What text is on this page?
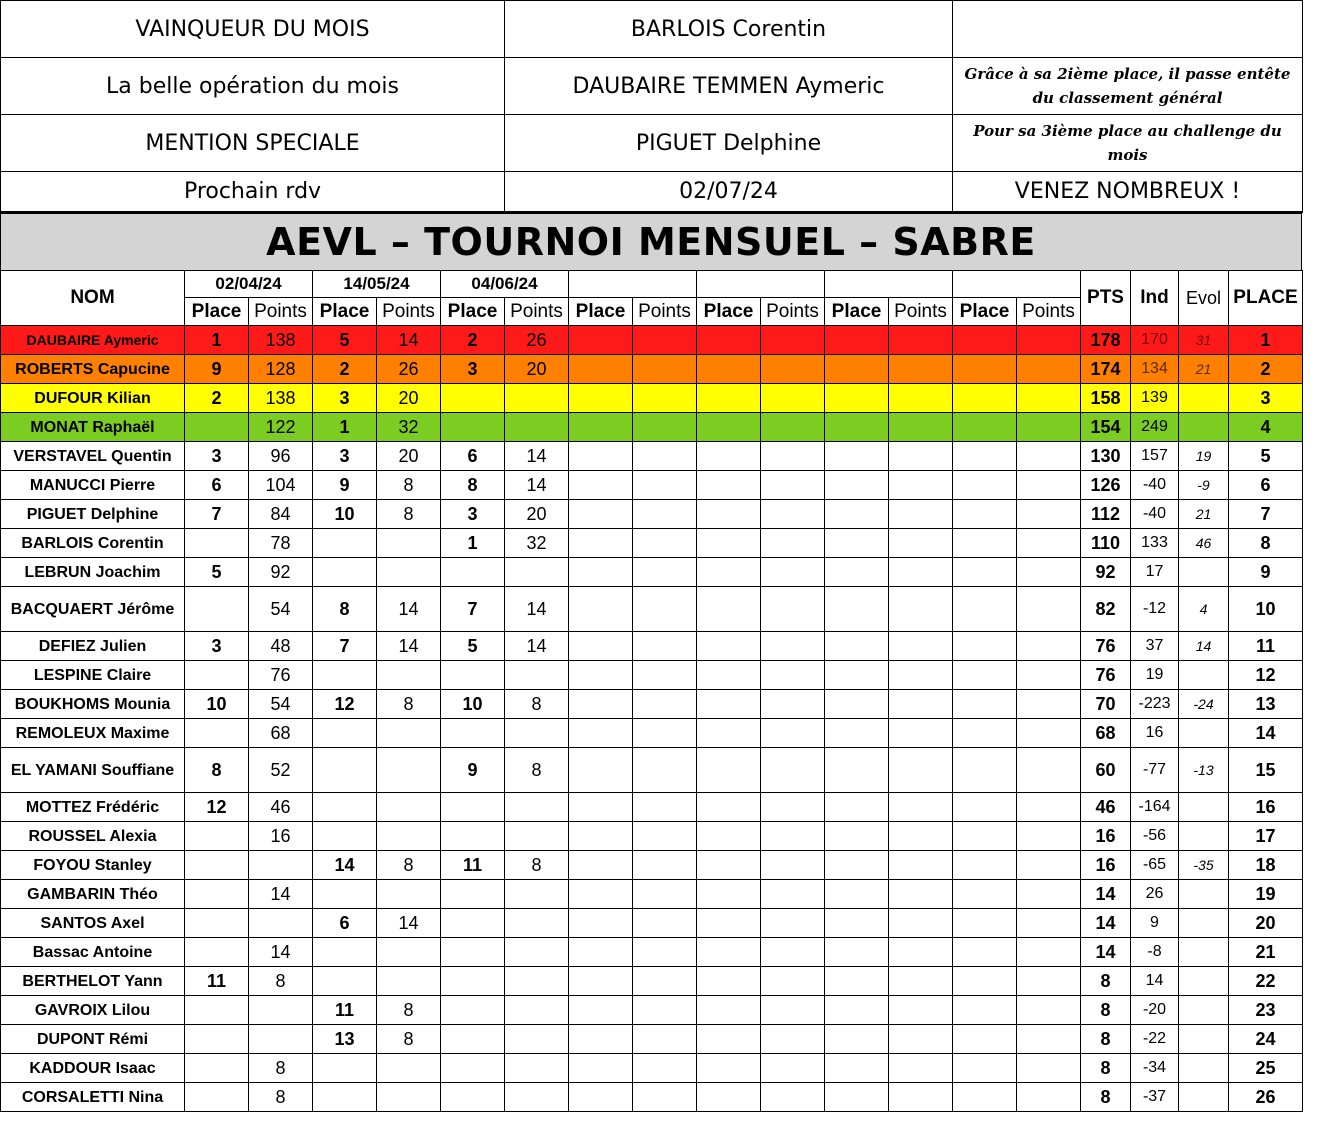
VAINQUEUR DU MOIS	BARLOIS Corentin	
La belle opération du mois	DAUBAIRE TEMMEN Aymeric	Grâce à sa 2ième place, il passe entête du classement général
MENTION SPECIALE	PIGUET Delphine	Pour sa 3ième place au challenge du mois
Prochain rdv	02/07/24	VENEZ NOMBREUX !
AEVL – TOURNOI MENSUEL – SABRE
NOM	02/04/24		14/05/24		04/06/24										PTS	Ind	Evol	PLACE
	Place	Points	Place	Points	Place	Points	Place	Points	Place	Points	Place	Points	Place	Points				
DAUBAIRE Aymeric	1	138	5	14	2	26									178	170	31	1
ROBERTS Capucine	9	128	2	26	3	20									174	134	21	2
DUFOUR Kilian	2	138	3	20											158	139		3
MONAT Raphaël		122	1	32											154	249		4
VERSTAVEL Quentin	3	96	3	20	6	14									130	157	19	5
MANUCCI Pierre	6	104	9	8	8	14									126	-40	-9	6
PIGUET Delphine	7	84	10	8	3	20									112	-40	21	7
BARLOIS Corentin		78			1	32									110	133	46	8
LEBRUN Joachim	5	92													92	17		9
BACQUAERT Jérôme		54	8	14	7	14									82	-12	4	10
DEFIEZ Julien	3	48	7	14	5	14									76	37	14	11
LESPINE Claire		76													76	19		12
BOUKHOMS Mounia	10	54	12	8	10	8									70	-223	-24	13
REMOLEUX Maxime		68													68	16		14
EL YAMANI Souffiane	8	52			9	8									60	-77	-13	15
MOTTEZ Frédéric	12	46													46	-164		16
ROUSSEL Alexia		16													16	-56		17
FOYOU Stanley			14	8	11	8									16	-65	-35	18
GAMBARIN Théo		14													14	26		19
SANTOS Axel			6	14											14	9		20
Bassac Antoine		14													14	-8		21
BERTHELOT Yann	11	8													8	14		22
GAVROIX Lilou			11	8											8	-20		23
DUPONT Rémi			13	8											8	-22		24
KADDOUR Isaac		8													8	-34		25
CORSALETTI Nina		8													8	-37		26
